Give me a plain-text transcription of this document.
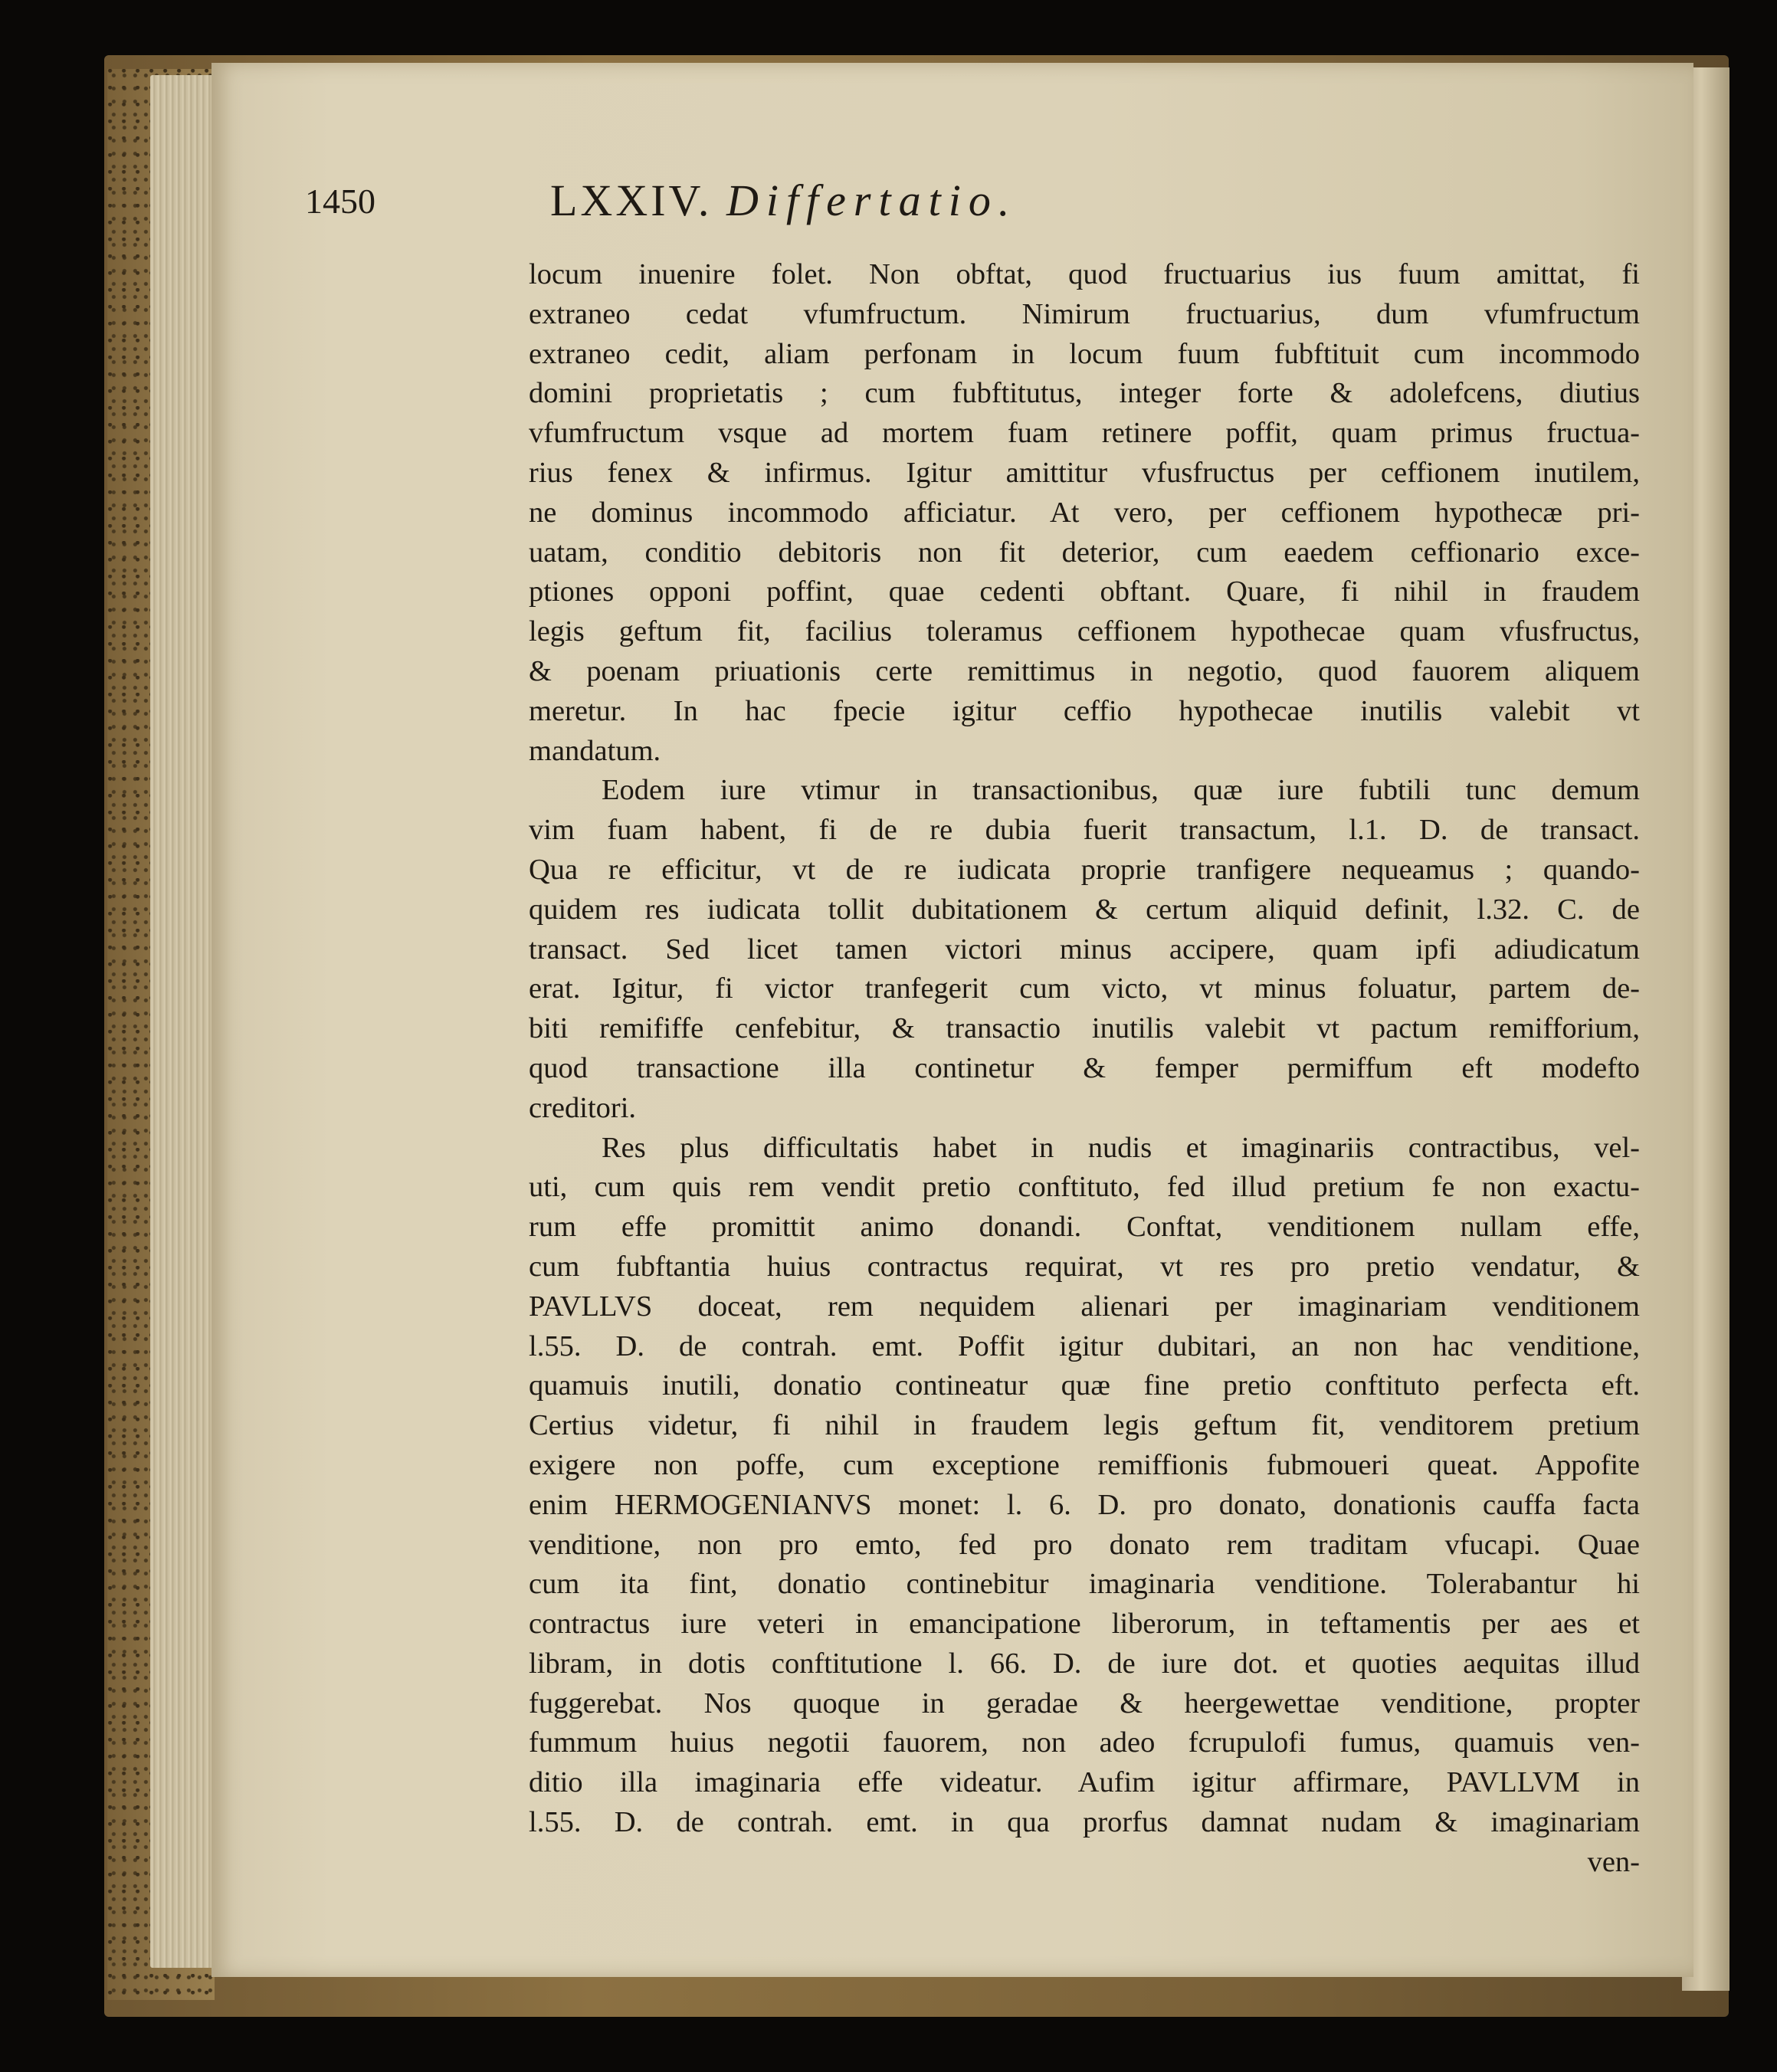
1450	LXXIV. Differtatio.
locum inuenire folet. Non obftat, quod fructuarius ius fuum amittat, fi
extraneo cedat vfumfructum. Nimirum fructuarius, dum vfumfructum
extraneo cedit, aliam perfonam in locum fuum fubftituit cum incommodo
domini proprietatis ; cum fubftitutus, integer forte & adolefcens, diutius
vfumfructum vsque ad mortem fuam retinere poffit, quam primus fructua-
rius fenex & infirmus. Igitur amittitur vfusfructus per ceffionem inutilem,
ne dominus incommodo afficiatur. At vero, per ceffionem hypothecæ pri-
uatam, conditio debitoris non fit deterior, cum eaedem ceffionario exce-
ptiones opponi poffint, quae cedenti obftant. Quare, fi nihil in fraudem
legis geftum fit, facilius toleramus ceffionem hypothecae quam vfusfructus,
& poenam priuationis certe remittimus in negotio, quod fauorem aliquem
meretur. In hac fpecie igitur ceffio hypothecae inutilis valebit vt
mandatum.
Eodem iure vtimur in transactionibus, quæ iure fubtili tunc demum
vim fuam habent, fi de re dubia fuerit transactum, l.1. D. de transact.
Qua re efficitur, vt de re iudicata proprie tranfigere nequeamus ; quando-
quidem res iudicata tollit dubitationem & certum aliquid definit, l.32. C. de
transact. Sed licet tamen victori minus accipere, quam ipfi adiudicatum
erat. Igitur, fi victor tranfegerit cum victo, vt minus foluatur, partem de-
biti remififfe cenfebitur, & transactio inutilis valebit vt pactum remifforium,
quod transactione illa continetur & femper permiffum eft modefto
creditori.
Res plus difficultatis habet in nudis et imaginariis contractibus, vel-
uti, cum quis rem vendit pretio conftituto, fed illud pretium fe non exactu-
rum effe promittit animo donandi. Conftat, venditionem nullam effe,
cum fubftantia huius contractus requirat, vt res pro pretio vendatur, &
PAVLLVS doceat, rem nequidem alienari per imaginariam venditionem
l.55. D. de contrah. emt. Poffit igitur dubitari, an non hac venditione,
quamuis inutili, donatio contineatur quæ fine pretio conftituto perfecta eft.
Certius videtur, fi nihil in fraudem legis geftum fit, venditorem pretium
exigere non poffe, cum exceptione remiffionis fubmoueri queat. Appofite
enim HERMOGENIANVS monet: l. 6. D. pro donato, donationis cauffa facta
venditione, non pro emto, fed pro donato rem traditam vfucapi. Quae
cum ita fint, donatio continebitur imaginaria venditione. Tolerabantur hi
contractus iure veteri in emancipatione liberorum, in teftamentis per aes et
libram, in dotis conftitutione l. 66. D. de iure dot. et quoties aequitas illud
fuggerebat. Nos quoque in geradae & heergewettae venditione, propter
fummum huius negotii fauorem, non adeo fcrupulofi fumus, quamuis ven-
ditio illa imaginaria effe videatur. Aufim igitur affirmare, PAVLLVM in
l.55. D. de contrah. emt. in qua prorfus damnat nudam & imaginariam
ven-
